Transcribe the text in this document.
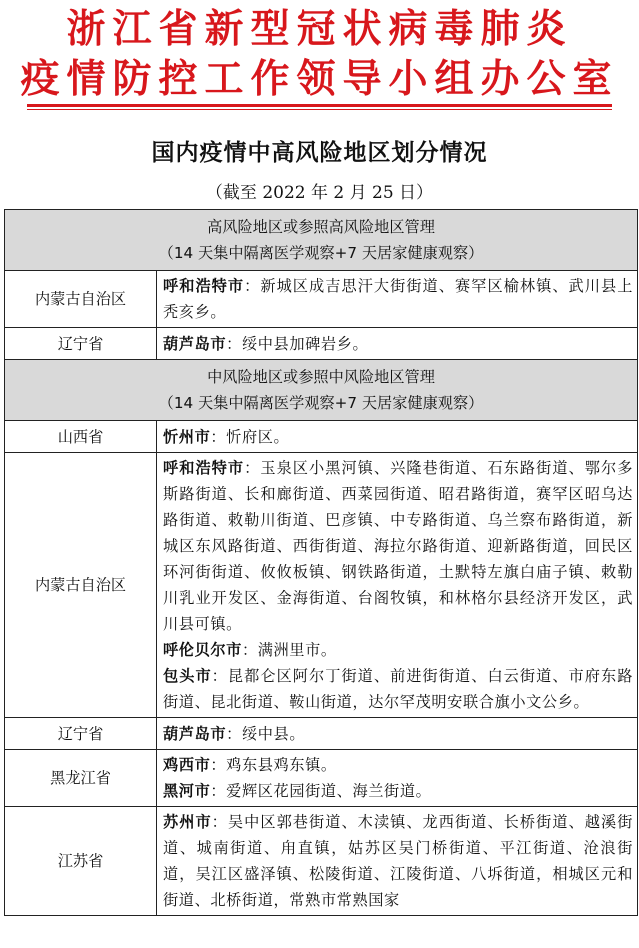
浙江省新型冠状病毒肺炎
疫情防控工作领导小组办公室
国内疫情中高风险地区划分情况
（截至 2022 年 2 月 25 日）
高风险地区或参照高风险地区管理
（14 天集中隔离医学观察+7 天居家健康观察）	

内蒙古自治区	呼和浩特市：新城区成吉思汗大街街道、赛罕区榆林镇、武川县上秃亥乡。

辽宁省	葫芦岛市：绥中县加碑岩乡。

中风险地区或参照中风险地区管理
（14 天集中隔离医学观察+7 天居家健康观察）	

山西省	忻州市：忻府区。

内蒙古自治区	呼和浩特市：玉泉区小黑河镇、兴隆巷街道、石东路街道、鄂尔多斯路街道、长和廊街道、西菜园街道、昭君路街道，赛罕区昭乌达路街道、敕勒川街道、巴彦镇、中专路街道、乌兰察布路街道，新城区东风路街道、西街街道、海拉尔路街道、迎新路街道，回民区环河街街道、攸攸板镇、钢铁路街道，土默特左旗白庙子镇、敕勒川乳业开发区、金海街道、台阁牧镇，和林格尔县经济开发区，武川县可镇。
呼伦贝尔市：满洲里市。
包头市：昆都仑区阿尔丁街道、前进街街道、白云街道、市府东路街道、昆北街道、鞍山街道，达尔罕茂明安联合旗小文公乡。

辽宁省	葫芦岛市：绥中县。

黑龙江省	鸡西市：鸡东县鸡东镇。
黑河市：爱辉区花园街道、海兰街道。

江苏省	苏州市：吴中区郭巷街道、木渎镇、龙西街道、长桥街道、越溪街道、城南街道、甪直镇，姑苏区吴门桥街道、平江街道、沧浪街道，吴江区盛泽镇、松陵街道、江陵街道、八坼街道，相城区元和街道、北桥街道，常熟市常熟国家
